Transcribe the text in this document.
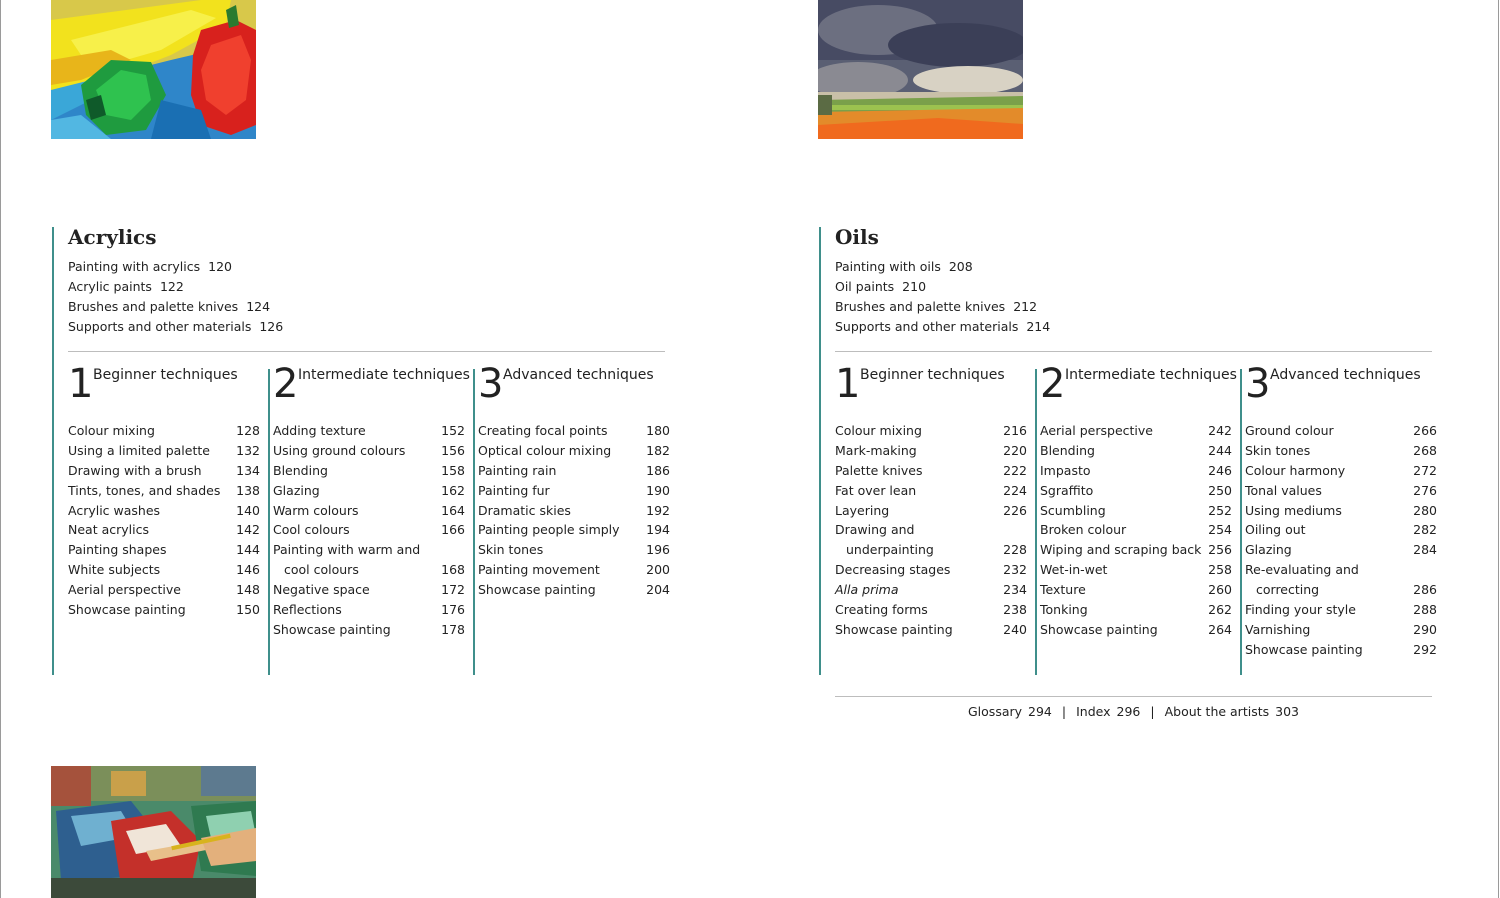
Acrylics
Painting with acrylics 120
Acrylic paints 122
Brushes and palette knives 124
Supports and other materials 126
1 Beginner techniques
Colour mixing	128
Using a limited palette 132
Drawing with a brush	134
Tints, tones, and shades 138
Acrylic washes	140
Neat acrylics	142
Painting shapes	144
White subjects	146
Aerial perspective	148
Showcase painting	150
2 Intermediate techniques
Adding texture	152
Using ground colours	156
Blending	158
Glazing	162
Warm colours	164
Cool colours	166
Painting with warm and
cool colours	168
Negative space	172
Reflections	176
Showcase painting	178
3 Advanced techniques
Creating focal points	180
Optical colour mixing	182
Painting rain	186
Painting fur	190
Dramatic skies	192
Painting people simply 194
Skin tones	196
Painting movement	200
Showcase painting	204
Oils
Painting with oils 208
Oil paints 210
Brushes and palette knives 212
Supports and other materials 214
1 Beginner techniques
Colour mixing	216
Mark-making	220
Palette knives	222
Fat over lean	224
Layering	226
Drawing and
underpainting	228
Decreasing stages	232
Alla prima	234
Creating forms	238
Showcase painting	240
2 Intermediate techniques
Aerial perspective	242
Blending	244
Impasto	246
Sgraffito	250
Scumbling	252
Broken colour	254
Wiping and scraping back 256
Wet-in-wet	258
Texture	260
Tonking	262
Showcase painting	264
3 Advanced techniques
Ground colour	266
Skin tones	268
Colour harmony	272
Tonal values	276
Using mediums	280
Oiling out	282
Glazing	284
Re-evaluating and
correcting	286
Finding your style	288
Varnishing	290
Showcase painting	292
Glossary 294 | Index 296 | About the artists 303
